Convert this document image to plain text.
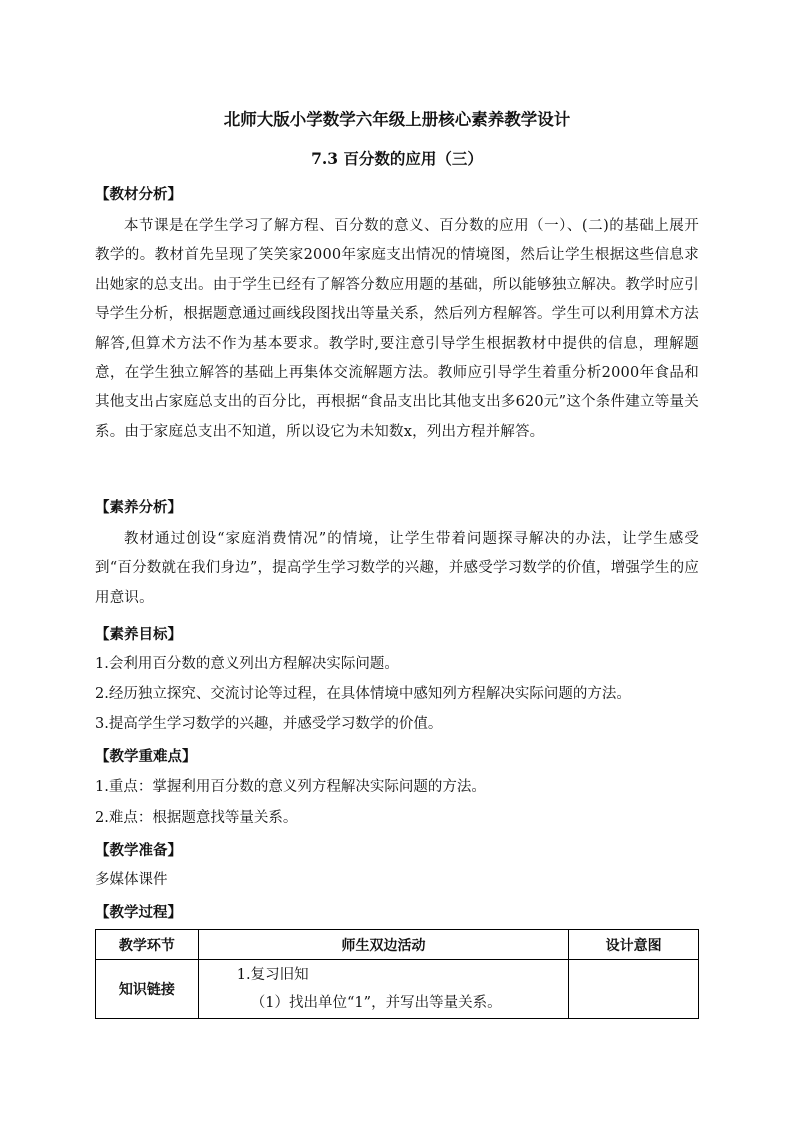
北师大版小学数学六年级上册核心素养教学设计
7.3 百分数的应用（三）
【教材分析】

本节课是在学生学习了解方程、百分数的意义、百分数的应用（一）、(二)的基础上展开教学的。教材首先呈现了笑笑家2000年家庭支出情况的情境图，然后让学生根据这些信息求出她家的总支出。由于学生已经有了解答分数应用题的基础，所以能够独立解决。教学时应引导学生分析，根据题意通过画线段图找出等量关系，然后列方程解答。学生可以利用算术方法解答,但算术方法不作为基本要求。教学时,要注意引导学生根据教材中提供的信息，理解题意，在学生独立解答的基础上再集体交流解题方法。教师应引导学生着重分析2000年食品和其他支出占家庭总支出的百分比，再根据“食品支出比其他支出多620元”这个条件建立等量关系。由于家庭总支出不知道，所以设它为未知数x，列出方程并解答。

【素养分析】

教材通过创设“家庭消费情况”的情境，让学生带着问题探寻解决的办法，让学生感受到“百分数就在我们身边”，提高学生学习数学的兴趣，并感受学习数学的价值，增强学生的应用意识。

【素养目标】

1.会利用百分数的意义列出方程解决实际问题。

2.经历独立探究、交流讨论等过程，在具体情境中感知列方程解决实际问题的方法。

3.提高学生学习数学的兴趣，并感受学习数学的价值。

【教学重难点】

1.重点：掌握利用百分数的意义列方程解决实际问题的方法。

2.难点：根据题意找等量关系。

【教学准备】

多媒体课件

【教学过程】
教学环节	师生双边活动	设计意图
知识链接	1.复习旧知
（1）找出单位“1”，并写出等量关系。	
